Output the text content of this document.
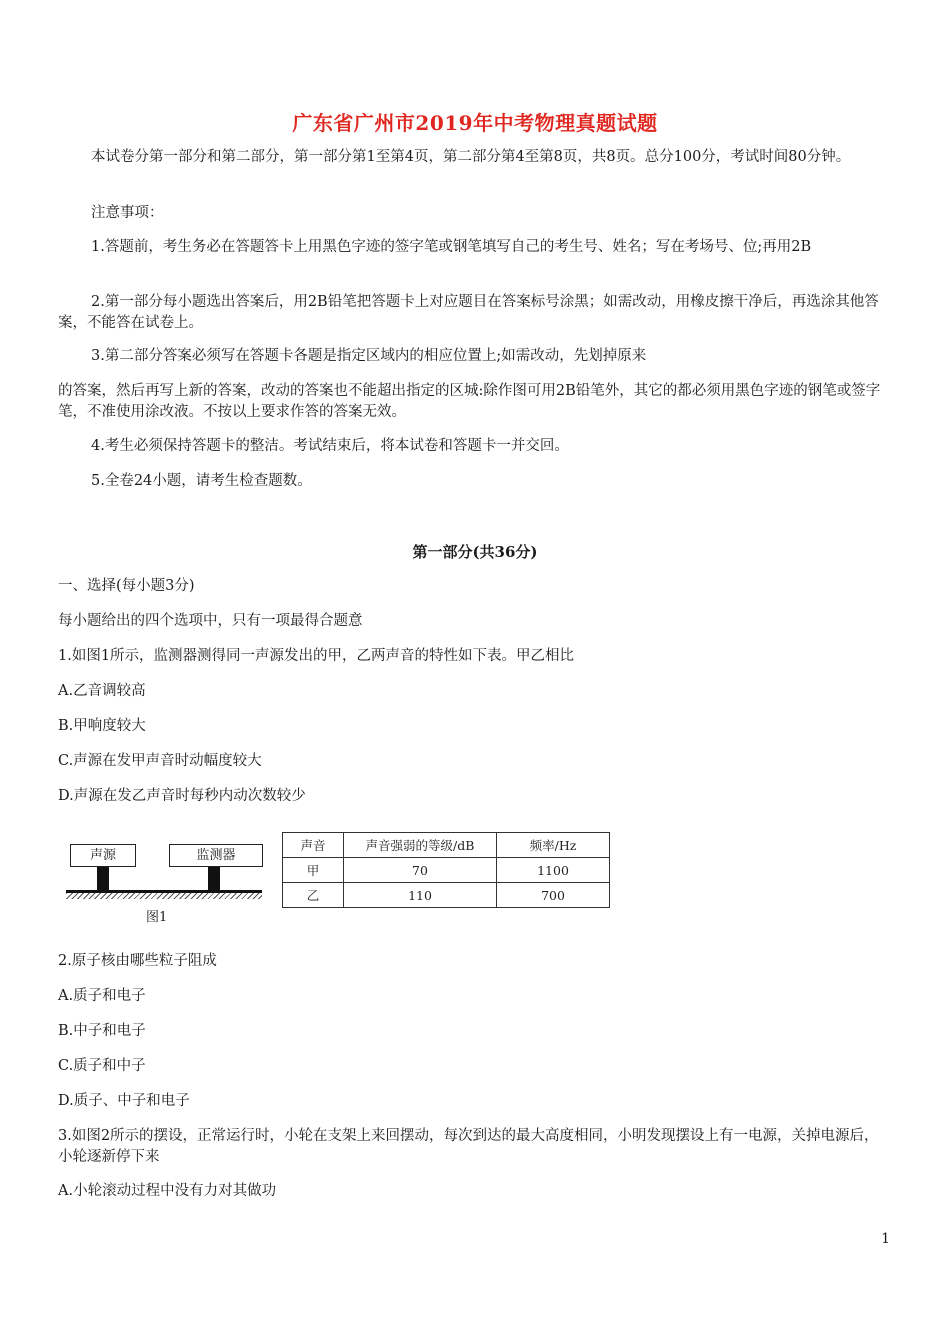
广东省广州市2019年中考物理真题试题
本试卷分第一部分和第二部分，第一部分第1至第4页，第二部分第4至第8页，共8页。总分100分，考试时间80分钟。
注意事项：
1.答题前，考生务必在答题答卡上用黑色字迹的签字笔或钢笔填写自己的考生号、姓名；写在考场号、位;再用2B
2.第一部分每小题选出答案后，用2B铅笔把答题卡上对应题目在答案标号涂黑；如需改动，用橡皮擦干净后，再选涂其他答案，不能答在试卷上。
3.第二部分答案必须写在答题卡各题是指定区域内的相应位置上;如需改动，先划掉原来
的答案，然后再写上新的答案，改动的答案也不能超出指定的区城:除作图可用2B铅笔外，其它的都必须用黑色字迹的钢笔或签字笔，不准使用涂改液。不按以上要求作答的答案无效。
4.考生必须保持答题卡的整洁。考试结束后，将本试卷和答题卡一并交回。
5.全卷24小题，请考生检查题数。
第一部分(共36分)
一、选择(每小题3分)
每小题给出的四个选项中，只有一项最得合题意
1.如图1所示，监测器测得同一声源发出的甲，乙两声音的特性如下表。甲乙相比
A.乙音调较高
B.甲响度较大
C.声源在发甲声音时动幅度较大
D.声源在发乙声音时每秒内动次数较少
声源	监测器
图1
声音	声音强弱的等级/dB	频率/Hz
甲	70	1100
乙	110	700
2.原子核由哪些粒子阻成
A.质子和电子
B.中子和电子
C.质子和中子
D.质子、中子和电子
3.如图2所示的摆设，正常运行时，小轮在支架上来回摆动，每次到达的最大高度相同，小明发现摆设上有一电源，关掉电源后，小轮逐新停下来
A.小轮滚动过程中没有力对其做功
1
